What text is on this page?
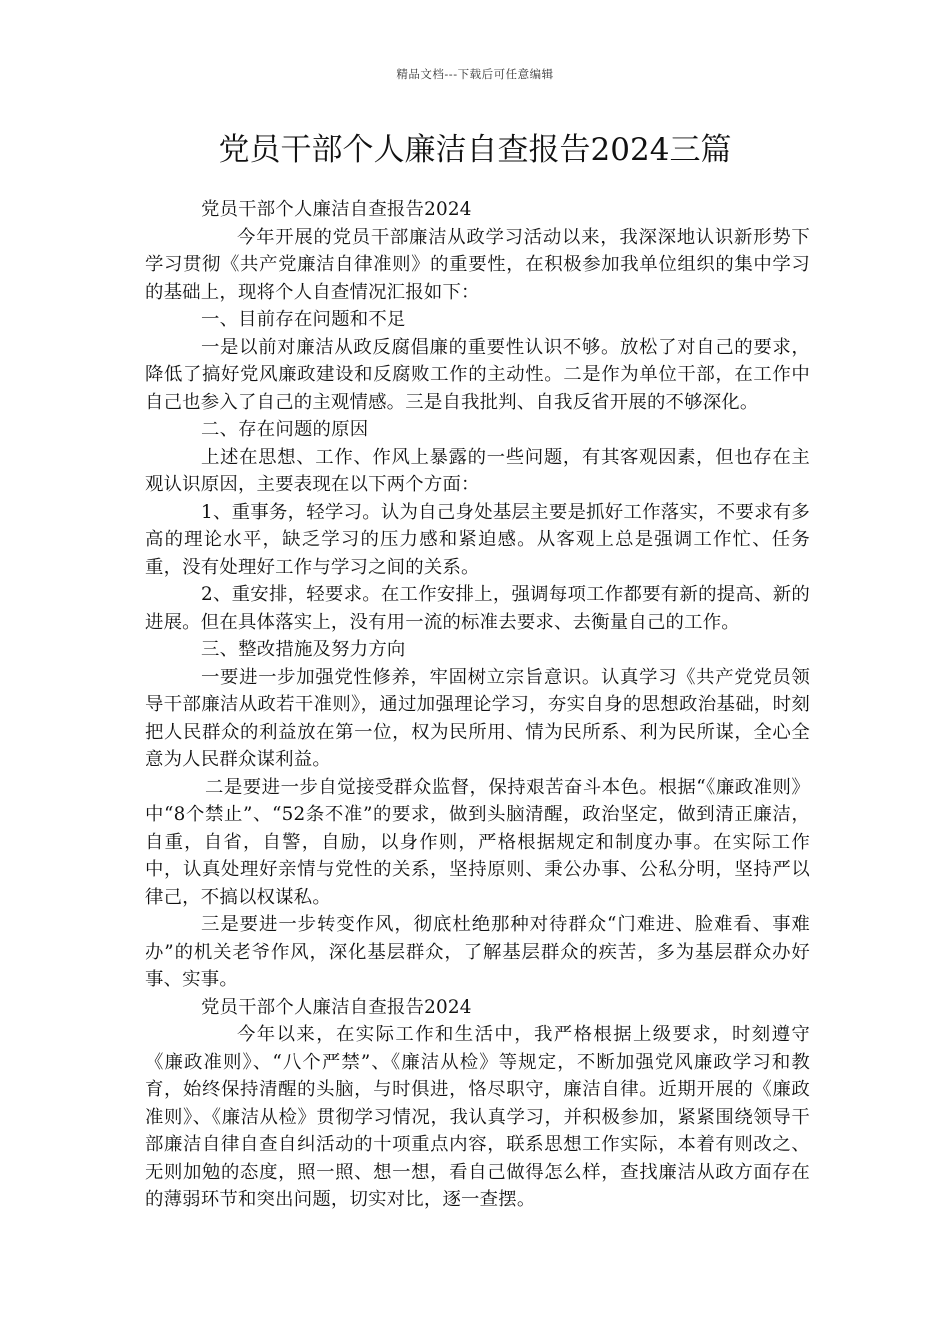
精品文档---下载后可任意编辑
党员干部个人廉洁自查报告2024三篇

党员干部个人廉洁自查报告2024

今年开展的党员干部廉洁从政学习活动以来，我深深地认识新形势下学习贯彻《共产党廉洁自律准则》的重要性，在积极参加我单位组织的集中学习的基础上，现将个人自查情况汇报如下：

一、目前存在问题和不足

一是以前对廉洁从政反腐倡廉的重要性认识不够。放松了对自己的要求，降低了搞好党风廉政建设和反腐败工作的主动性。二是作为单位干部，在工作中自己也参入了自己的主观情感。三是自我批判、自我反省开展的不够深化。

二、存在问题的原因

上述在思想、工作、作风上暴露的一些问题，有其客观因素，但也存在主观认识原因，主要表现在以下两个方面：

1、重事务，轻学习。认为自己身处基层主要是抓好工作落实，不要求有多高的理论水平，缺乏学习的压力感和紧迫感。从客观上总是强调工作忙、任务重，没有处理好工作与学习之间的关系。

2、重安排，轻要求。在工作安排上，强调每项工作都要有新的提高、新的进展。但在具体落实上，没有用一流的标准去要求、去衡量自己的工作。

三、整改措施及努力方向

一要进一步加强党性修养，牢固树立宗旨意识。认真学习《共产党党员领导干部廉洁从政若干准则》，通过加强理论学习，夯实自身的思想政治基础，时刻把人民群众的利益放在第一位，权为民所用、情为民所系、利为民所谋，全心全意为人民群众谋利益。

二是要进一步自觉接受群众监督，保持艰苦奋斗本色。根据“《廉政准则》中“8个禁止”、“52条不准”的要求，做到头脑清醒，政治坚定，做到清正廉洁，自重，自省，自警，自励，以身作则，严格根据规定和制度办事。在实际工作中，认真处理好亲情与党性的关系，坚持原则、秉公办事、公私分明，坚持严以律己，不搞以权谋私。

三是要进一步转变作风，彻底杜绝那种对待群众“门难进、脸难看、事难办”的机关老爷作风，深化基层群众，了解基层群众的疾苦，多为基层群众办好事、实事。

党员干部个人廉洁自查报告2024

今年以来，在实际工作和生活中，我严格根据上级要求，时刻遵守《廉政准则》、“八个严禁”、《廉洁从检》等规定，不断加强党风廉政学习和教育，始终保持清醒的头脑，与时俱进，恪尽职守，廉洁自律。近期开展的《廉政准则》、《廉洁从检》贯彻学习情况，我认真学习，并积极参加，紧紧围绕领导干部廉洁自律自查自纠活动的十项重点内容，联系思想工作实际，本着有则改之、无则加勉的态度，照一照、想一想，看自己做得怎么样，查找廉洁从政方面存在的薄弱环节和突出问题，切实对比，逐一查摆。
